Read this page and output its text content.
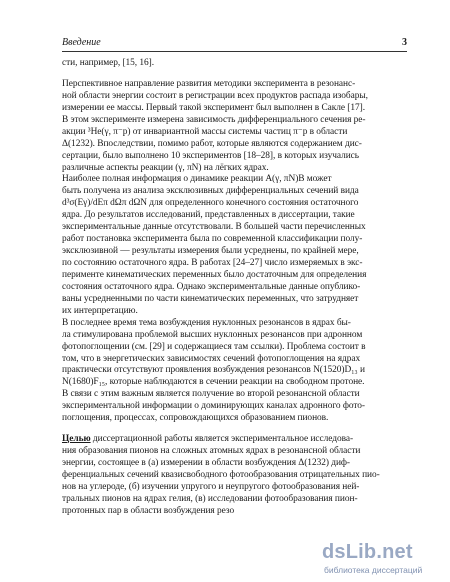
Введение	3
сти, например, [15, 16].
Перспективное направление развития методики эксперимента в резонанс-
ной области энергии состоит в регистрации всех продуктов распада изобары,
измерении ее массы. Первый такой эксперимент был выполнен в Сакле [17].
В этом эксперименте измерена зависимость дифференциального сечения ре-
акции ³He(γ, π⁻p) от инвариантной массы системы частиц π⁻p в области
Δ(1232). Впоследствии, помимо работ, которые являются содержанием дис-
сертации, было выполнено 10 экспериментов [18–28], в которых изучались
различные аспекты реакции (γ, πN) на лёгких ядрах.
Наиболее полная информация о динамике реакции A(γ, πN)B может
быть получена из анализа эксклюзивных дифференциальных сечений вида
d³σ(Eγ)/dEπ dΩπ dΩN для определенного конечного состояния остаточного
ядра. До результатов исследований, представленных в диссертации, такие
экспериментальные данные отсутствовали. В большей части перечисленных
работ постановка эксперимента была по современной классификации полу-
эксклюзивной — результаты измерения были усреднены, по крайней мере,
по состоянию остаточного ядра. В работах [24–27] число измеряемых в экс-
перименте кинематических переменных было достаточным для определения
состояния остаточного ядра. Однако экспериментальные данные опублико-
ваны усредненными по части кинематических переменных, что затрудняет
их интерпретацию.
В последнее время тема возбуждения нуклонных резонансов в ядрах бы-
ла стимулирована проблемой высших нуклонных резонансов при адронном
фотопоглощении (см. [29] и содержащиеся там ссылки). Проблема состоит в
том, что в энергетических зависимостях сечений фотопоглощения на ядрах
практически отсутствуют проявления возбуждения резонансов N(1520)D₁₃ и
N(1680)F₁₅, которые наблюдаются в сечении реакции на свободном протоне.
В связи с этим важным является получение во второй резонансной области
экспериментальной информации о доминирующих каналах адронного фото-
поглощения, процессах, сопровождающихся образованием пионов.
Целью диссертационной работы является экспериментальное исследова-
ния образования пионов на сложных атомных ядрах в резонансной области
энергии, состоящее в (а) измерении в области возбуждения Δ(1232) диф-
ференциальных сечений квазисвободного фотообразования отрицательных пио-
нов на углероде, (б) изучении упругого и неупругого фотообразования ней-
тральных пионов на ядрах гелия, (в) исследовании фотообразования пион-
протонных пар в области возбуждения резо
dsLib.net
библиотека диссертаций
